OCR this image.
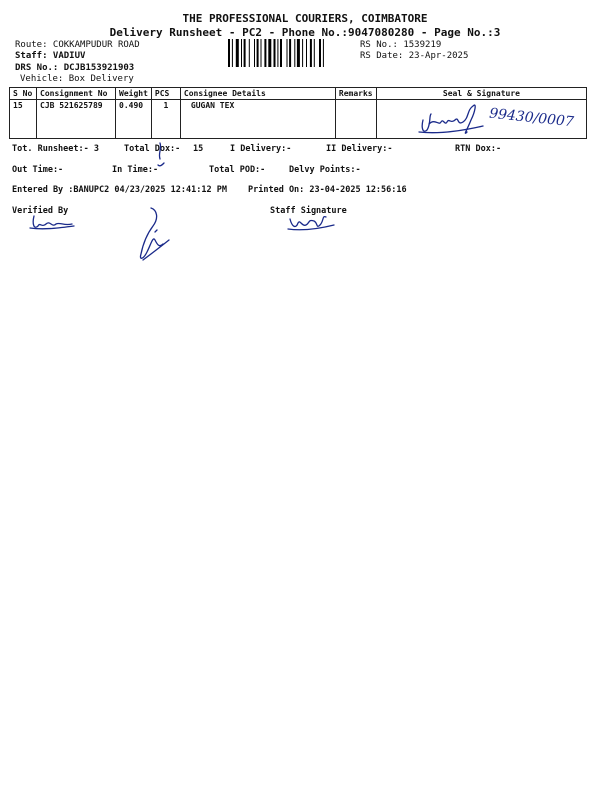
THE PROFESSIONAL COURIERS, COIMBATORE
Delivery Runsheet - PC2 - Phone No.:9047080280 - Page No.:3
Route: COKKAMPUDUR ROAD
Staff: VADIUV
DRS No.: DCJB153921903
Vehicle: Box Delivery
RS No.: 1539219
RS Date: 23-Apr-2025
S No	Consignment No	Weight	PCS	Consignee Details	Remarks	Seal & Signature
15	CJB 521625789	0.490	1	GUGAN TEX		99430/0007
Tot. Runsheet:- 3	Total Dox:- 15	I Delivery:-	II Delivery:-	RTN Dox:-
Out Time:-	In Time:-	Total POD:-	Delvy Points:-
Entered By :BANUPC2 04/23/2025 12:41:12 PM Printed On: 23-04-2025 12:56:16
Verified By	Staff Signature
